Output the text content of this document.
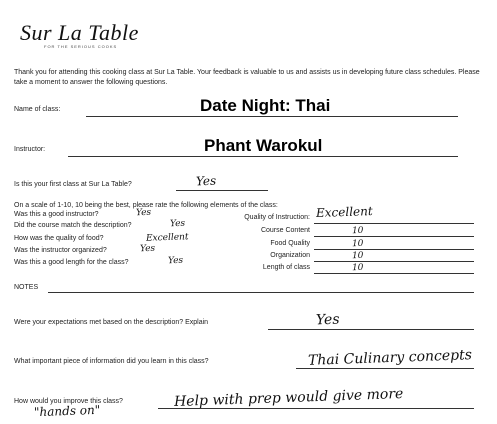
Sur La Table
FOR THE SERIOUS COOKS
Thank you for attending this cooking class at Sur La Table. Your feedback is valuable to us and assists us in developing future class schedules. Please take a moment to answer the following questions.
Name of class:	Date Night: Thai
Instructor:	Phant Warokul
Is this your first class at Sur La Table?	Yes
On a scale of 1-10, 10 being the best, please rate the following elements of the class:
Was this a good instructor?	Yes
Did the course match the description?	Yes
How was the quality of food?	Excellent
Was the instructor organized?	Yes
Was this a good length for the class?	Yes
Quality of Instruction: Excellent
Course Content	10
Food Quality	10
Organization	10
Length of class	10
NOTES
Were your expectations met based on the description? Explain	Yes
What important piece of information did you learn in this class?	Thai Culinary concepts
How would you improve this class?	Help with prep would give more
"hands on"
